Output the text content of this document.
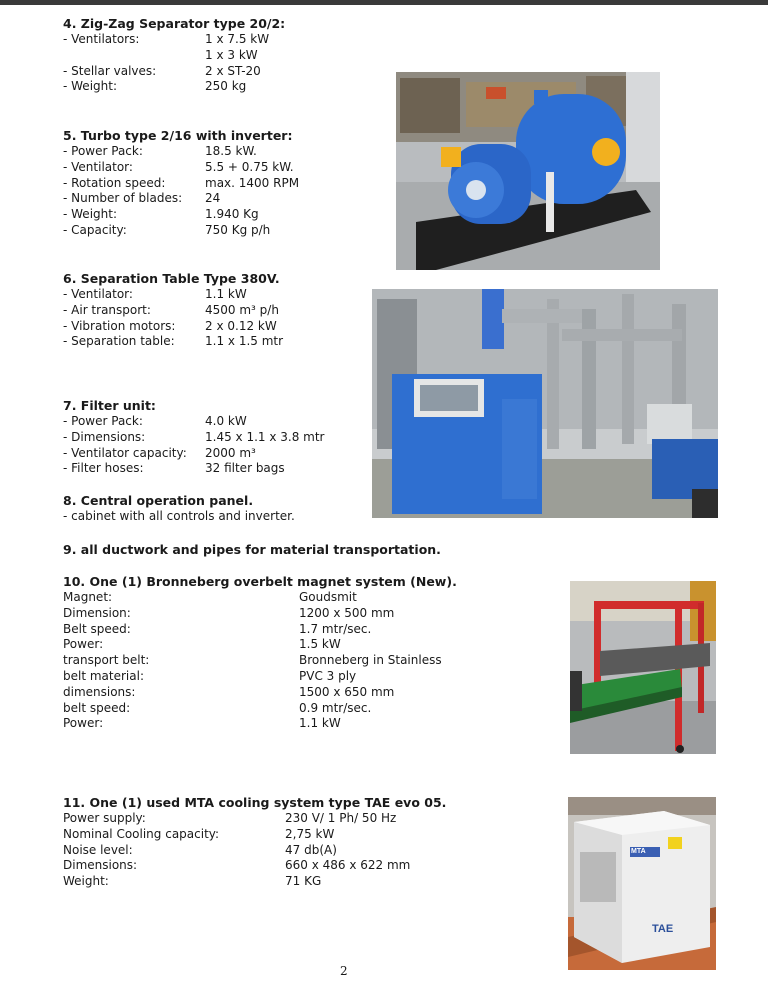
4. Zig-Zag Separator type 20/2:
- Ventilators:	1 x 7.5 kW
1 x 3 kW
- Stellar valves:	2 x ST-20
- Weight:	250 kg
5. Turbo type 2/16 with inverter:
- Power Pack:	18.5 kW.
- Ventilator:	5.5 + 0.75 kW.
- Rotation speed:	max. 1400 RPM
- Number of blades:	24
- Weight:	1.940 Kg
- Capacity:	750 Kg p/h
6. Separation Table Type 380V.
- Ventilator:	1.1 kW
- Air transport:	4500 m³ p/h
- Vibration motors:	2 x 0.12 kW
- Separation table:	1.1 x 1.5 mtr
7. Filter unit:
- Power Pack:	4.0 kW
- Dimensions:	1.45 x 1.1 x 3.8 mtr
- Ventilator capacity:	2000 m³
- Filter hoses:	32 filter bags
8. Central operation panel.
- cabinet with all controls and inverter.
9. all ductwork and pipes for material transportation.
10. One (1) Bronneberg overbelt magnet system (New).
Magnet:	Goudsmit
Dimension:	1200 x 500 mm
Belt speed:	1.7 mtr/sec.
Power:	1.5 kW
transport belt:	Bronneberg in Stainless
belt material:	PVC 3 ply
dimensions:	1500 x 650 mm
belt speed:	0.9 mtr/sec.
Power:	1.1 kW
11. One (1) used MTA cooling system type TAE evo 05.
Power supply:	230 V/ 1 Ph/ 50 Hz
Nominal Cooling capacity:	2,75 kW
Noise level:	47 db(A)
Dimensions:	660 x 486 x 622 mm
Weight:	71 KG
MTA
TAE
2
